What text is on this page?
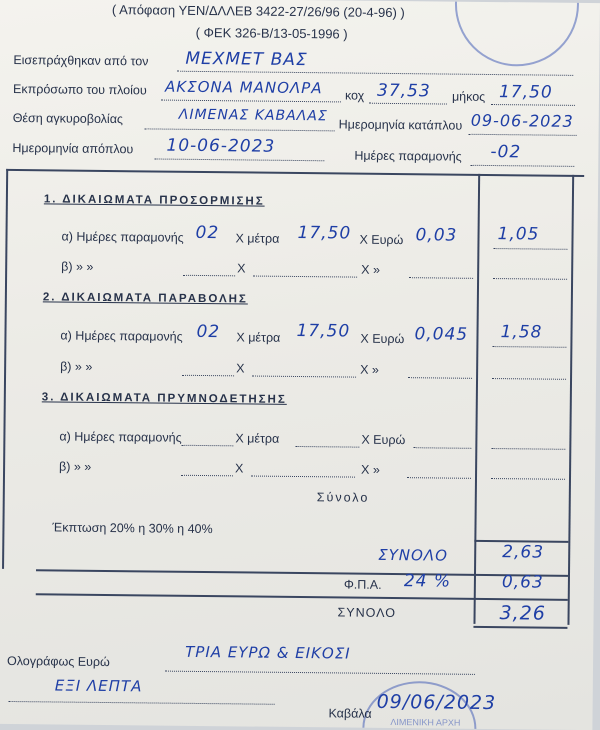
ΛΙΜΕΝΙΚΗ ΑΡΧΗ
( Απόφαση ΥΕΝ/ΔΛΛΕΒ 3422-27/26/96 (20-4-96) )
( ΦΕΚ 326-Β/13-05-1996 )
Εισεπράχθηκαν από τον ΜΕΧΜΕΤ ΒΑΣ
Εκπρόσωπο του πλοίου ΑΚΣΟΝΑ ΜΑΝΟΛΡΑ κοχ 37,53 μήκος 17,50
Θέση αγκυροβολίας	ΛΙΜΕΝΑΣ ΚΑΒΑΛΑΣ
Ημερομηνία κατάπλου 09-06-2023
Ημερομηνία απόπλου 10-06-2023	Ημέρες παραμονής -02
1. ΔΙΚΑΙΩΜΑΤΑ ΠΡΟΣΟΡΜΙΣΗΣ
α) Ημέρες παραμονής 02 Χ μέτρα 17,50 Χ Ευρώ 0,03 1,05
β) » »	Χ	Χ »
2. ΔΙΚΑΙΩΜΑΤΑ ΠΑΡΑΒΟΛΗΣ
α) Ημέρες παραμονής 02 Χ μέτρα 17,50 Χ Ευρώ 0,045 1,58
β) » »	Χ	Χ »
3. ΔΙΚΑΙΩΜΑΤΑ ΠΡΥΜΝΟΔΕΤΗΣΗΣ
α) Ημέρες παραμονής	Χ μέτρα	Χ Ευρώ
β) » »	Χ	Χ »
Σύνολο
Έκπτωση 20% η 30% η 40%
ΣΥΝΟΛΟ	2,63
Φ.Π.Α. 24 %	0,63
ΣΥΝΟΛΟ	3,26
Ολογράφως Ευρώ	ΤΡΙΑ ΕΥΡΩ & ΕΙΚΟΣΙ
ΕΞΙ ΛΕΠΤΑ
Καβάλα 09/06/2023
